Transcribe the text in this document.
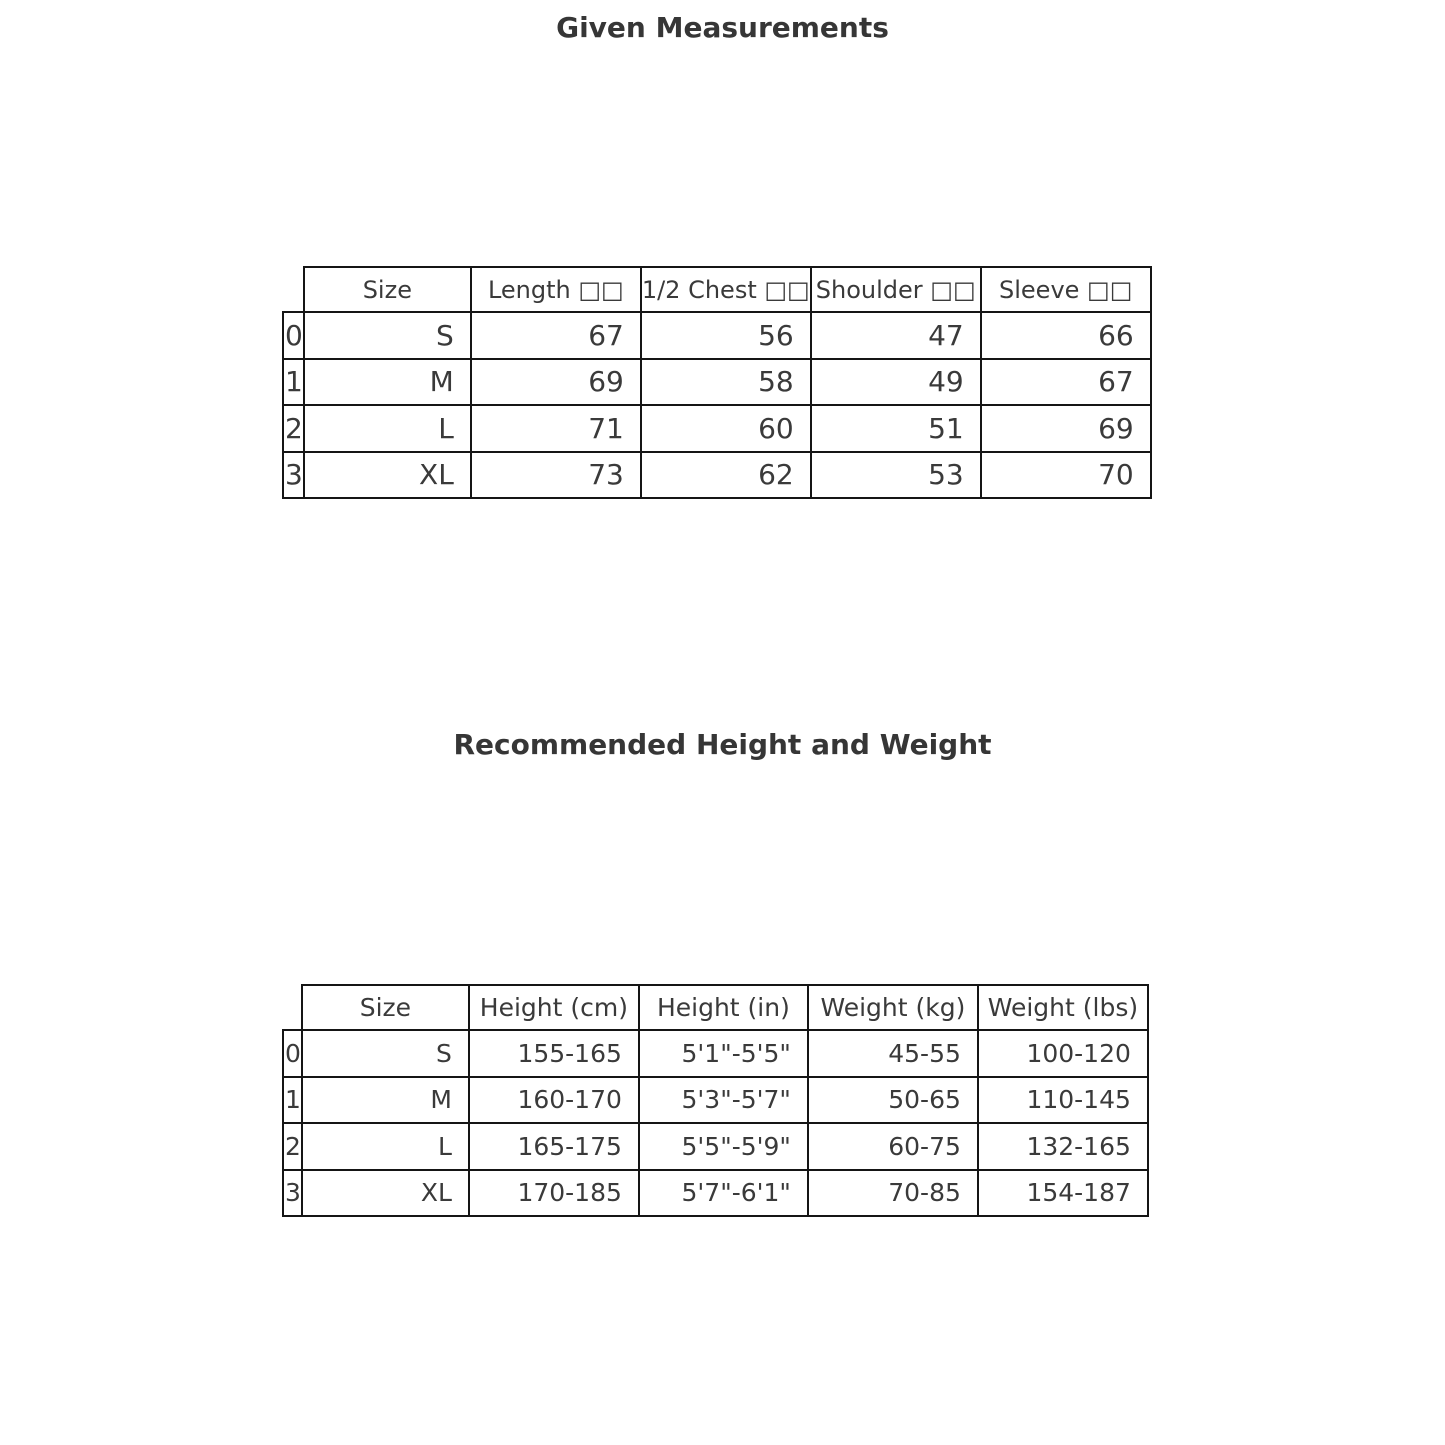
Given Measurements
	Size	Length □□	1/2 Chest □□	Shoulder □□	Sleeve □□
0	S	67	56	47	66
1	M	69	58	49	67
2	L	71	60	51	69
3	XL	73	62	53	70
Recommended Height and Weight
	Size	Height (cm)	Height (in)	Weight (kg)	Weight (lbs)
0	S	155-165	5'1"-5'5"	45-55	100-120
1	M	160-170	5'3"-5'7"	50-65	110-145
2	L	165-175	5'5"-5'9"	60-75	132-165
3	XL	170-185	5'7"-6'1"	70-85	154-187
